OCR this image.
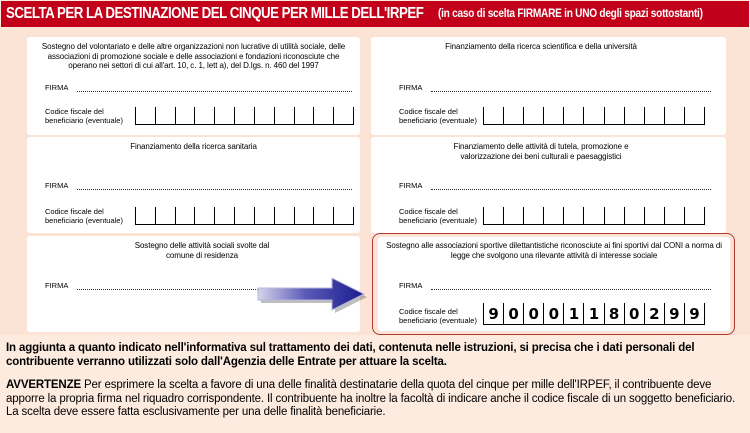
SCELTA PER LA DESTINAZIONE DEL CINQUE PER MILLE DELL'IRPEF (in caso di scelta FIRMARE in UNO degli spazi sottostanti)
Sostegno del volontariato e delle altre organizzazioni non lucrative di utilità sociale, delle associazioni di promozione sociale e delle associazioni e fondazioni riconosciute che operano nei settori di cui all'art. 10, c. 1, lett a), del D.lgs. n. 460 del 1997
FIRMA
Codice fiscale del beneficiario (eventuale)
Finanziamento della ricerca scientifica e della università
FIRMA
Codice fiscale del beneficiario (eventuale)
Finanziamento della ricerca sanitaria
FIRMA
Codice fiscale del beneficiario (eventuale)
Finanziamento delle attività di tutela, promozione e valorizzazione dei beni culturali e paesaggistici
FIRMA
Codice fiscale del beneficiario (eventuale)
Sostegno delle attività sociali svolte dal comune di residenza
FIRMA
Sostegno alle associazioni sportive dilettantistiche riconosciute ai fini sportivi dal CONI a norma di legge che svolgono una rilevante attività di interesse sociale
FIRMA
Codice fiscale del beneficiario (eventuale) 9 0 0 0 1 1 8 0 2 9 9
In aggiunta a quanto indicato nell'informativa sul trattamento dei dati, contenuta nelle istruzioni, si precisa che i dati personali del contribuente verranno utilizzati solo dall'Agenzia delle Entrate per attuare la scelta.
AVVERTENZE Per esprimere la scelta a favore di una delle finalità destinatarie della quota del cinque per mille dell'IRPEF, il contribuente deve apporre la propria firma nel riquadro corrispondente. Il contribuente ha inoltre la facoltà di indicare anche il codice fiscale di un soggetto beneficiario. La scelta deve essere fatta esclusivamente per una delle finalità beneficiarie.
